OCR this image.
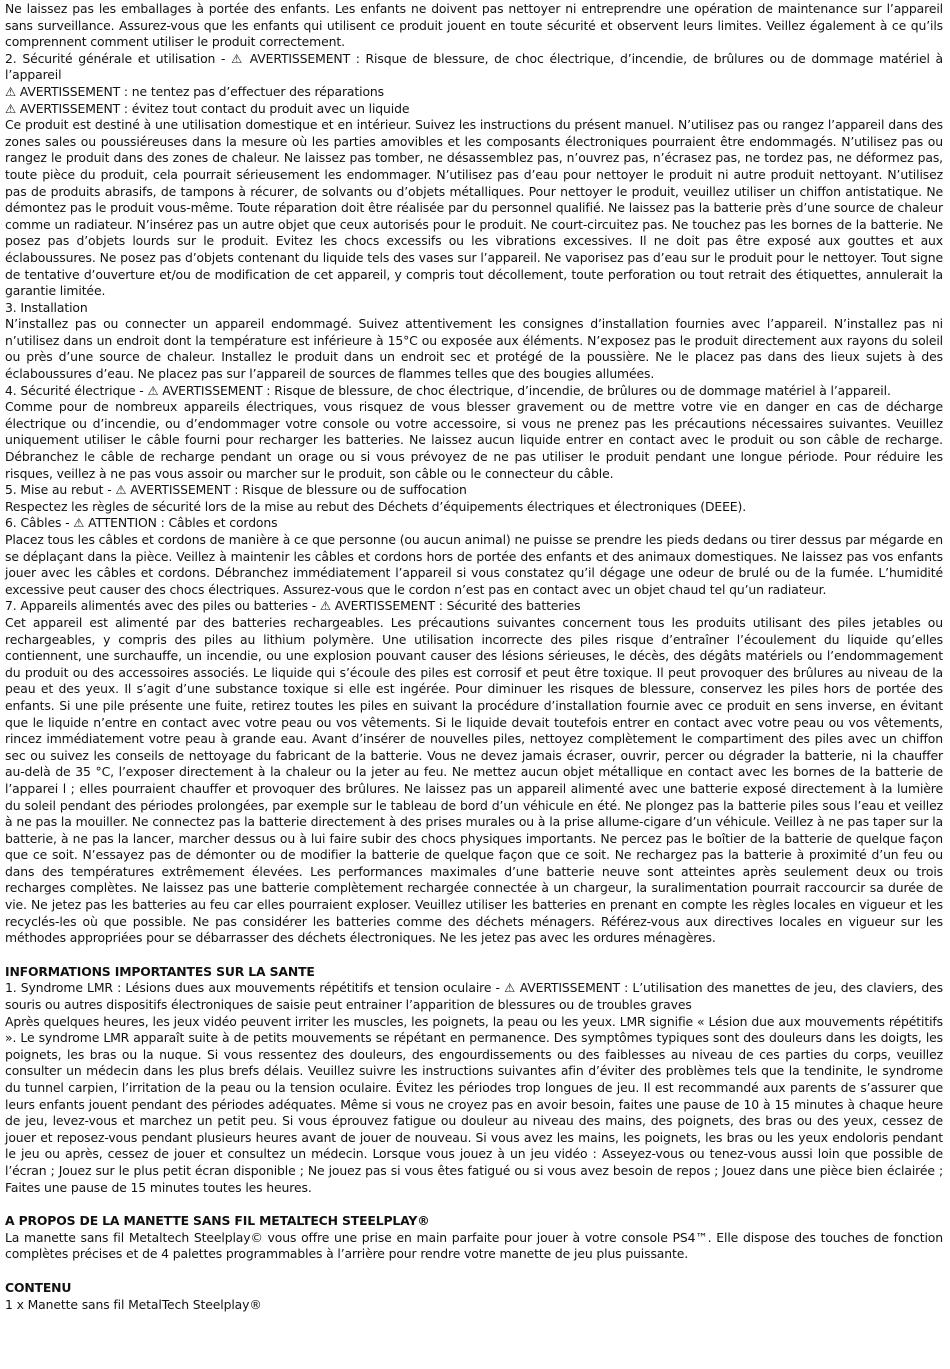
Ne laissez pas les emballages à portée des enfants. Les enfants ne doivent pas nettoyer ni entreprendre une opération de maintenance sur l’appareil sans surveillance. Assurez-vous que les enfants qui utilisent ce produit jouent en toute sécurité et observent leurs limites. Veillez également à ce qu’ils comprennent comment utiliser le produit correctement.

2. Sécurité générale et utilisation - ⚠ AVERTISSEMENT : Risque de blessure, de choc électrique, d’incendie, de brûlures ou de dommage matériel à l’appareil

⚠ AVERTISSEMENT : ne tentez pas d’effectuer des réparations

⚠ AVERTISSEMENT : évitez tout contact du produit avec un liquide

Ce produit est destiné à une utilisation domestique et en intérieur. Suivez les instructions du présent manuel. N’utilisez pas ou rangez l’appareil dans des zones sales ou poussiéreuses dans la mesure où les parties amovibles et les composants électroniques pourraient être endommagés. N’utilisez pas ou rangez le produit dans des zones de chaleur. Ne laissez pas tomber, ne désassemblez pas, n’ouvrez pas, n’écrasez pas, ne tordez pas, ne déformez pas, toute pièce du produit, cela pourrait sérieusement les endommager. N’utilisez pas d’eau pour nettoyer le produit ni autre produit nettoyant. N’utilisez pas de produits abrasifs, de tampons à récurer, de solvants ou d’objets métalliques. Pour nettoyer le produit, veuillez utiliser un chiffon antistatique. Ne démontez pas le produit vous-même. Toute réparation doit être réalisée par du personnel qualifié. Ne laissez pas la batterie près d’une source de chaleur comme un radiateur. N’insérez pas un autre objet que ceux autorisés pour le produit. Ne court-circuitez pas. Ne touchez pas les bornes de la batterie. Ne posez pas d’objets lourds sur le produit. Evitez les chocs excessifs ou les vibrations excessives. Il ne doit pas être exposé aux gouttes et aux éclaboussures. Ne posez pas d’objets contenant du liquide tels des vases sur l’appareil. Ne vaporisez pas d’eau sur le produit pour le nettoyer. Tout signe de tentative d’ouverture et/ou de modification de cet appareil, y compris tout décollement, toute perforation ou tout retrait des étiquettes, annulerait la garantie limitée.

3. Installation

N’installez pas ou connecter un appareil endommagé. Suivez attentivement les consignes d’installation fournies avec l’appareil. N’installez pas ni n’utilisez dans un endroit dont la température est inférieure à 15°C ou exposée aux éléments. N’exposez pas le produit directement aux rayons du soleil ou près d’une source de chaleur. Installez le produit dans un endroit sec et protégé de la poussière. Ne le placez pas dans des lieux sujets à des éclaboussures d’eau. Ne placez pas sur l’appareil de sources de flammes telles que des bougies allumées.

4. Sécurité électrique - ⚠ AVERTISSEMENT : Risque de blessure, de choc électrique, d’incendie, de brûlures ou de dommage matériel à l’appareil.

Comme pour de nombreux appareils électriques, vous risquez de vous blesser gravement ou de mettre votre vie en danger en cas de décharge électrique ou d’incendie, ou d’endommager votre console ou votre accessoire, si vous ne prenez pas les précautions nécessaires suivantes. Veuillez uniquement utiliser le câble fourni pour recharger les batteries. Ne laissez aucun liquide entrer en contact avec le produit ou son câble de recharge. Débranchez le câble de recharge pendant un orage ou si vous prévoyez de ne pas utiliser le produit pendant une longue période. Pour réduire les risques, veillez à ne pas vous assoir ou marcher sur le produit, son câble ou le connecteur du câble.

5. Mise au rebut - ⚠ AVERTISSEMENT : Risque de blessure ou de suffocation

Respectez les règles de sécurité lors de la mise au rebut des Déchets d’équipements électriques et électroniques (DEEE).

6. Câbles - ⚠ ATTENTION : Câbles et cordons

Placez tous les câbles et cordons de manière à ce que personne (ou aucun animal) ne puisse se prendre les pieds dedans ou tirer dessus par mégarde en se déplaçant dans la pièce. Veillez à maintenir les câbles et cordons hors de portée des enfants et des animaux domestiques. Ne laissez pas vos enfants jouer avec les câbles et cordons. Débranchez immédiatement l’appareil si vous constatez qu’il dégage une odeur de brulé ou de la fumée. L’humidité excessive peut causer des chocs électriques. Assurez-vous que le cordon n’est pas en contact avec un objet chaud tel qu’un radiateur.

7. Appareils alimentés avec des piles ou batteries - ⚠ AVERTISSEMENT : Sécurité des batteries

Cet appareil est alimenté par des batteries rechargeables. Les précautions suivantes concernent tous les produits utilisant des piles jetables ou rechargeables, y compris des piles au lithium polymère. Une utilisation incorrecte des piles risque d’entraîner l’écoulement du liquide qu’elles contiennent, une surchauffe, un incendie, ou une explosion pouvant causer des lésions sérieuses, le décès, des dégâts matériels ou l’endommagement du produit ou des accessoires associés. Le liquide qui s’écoule des piles est corrosif et peut être toxique. Il peut provoquer des brûlures au niveau de la peau et des yeux. Il s’agit d’une substance toxique si elle est ingérée. Pour diminuer les risques de blessure, conservez les piles hors de portée des enfants. Si une pile présente une fuite, retirez toutes les piles en suivant la procédure d’installation fournie avec ce produit en sens inverse, en évitant que le liquide n’entre en contact avec votre peau ou vos vêtements. Si le liquide devait toutefois entrer en contact avec votre peau ou vos vêtements, rincez immédiatement votre peau à grande eau. Avant d’insérer de nouvelles piles, nettoyez complètement le compartiment des piles avec un chiffon sec ou suivez les conseils de nettoyage du fabricant de la batterie. Vous ne devez jamais écraser, ouvrir, percer ou dégrader la batterie, ni la chauffer au-delà de 35 °C, l’exposer directement à la chaleur ou la jeter au feu. Ne mettez aucun objet métallique en contact avec les bornes de la batterie de l’apparei l ; elles pourraient chauffer et provoquer des brûlures. Ne laissez pas un appareil alimenté avec une batterie exposé directement à la lumière du soleil pendant des périodes prolongées, par exemple sur le tableau de bord d’un véhicule en été. Ne plongez pas la batterie piles sous l’eau et veillez à ne pas la mouiller. Ne connectez pas la batterie directement à des prises murales ou à la prise allume-cigare d’un véhicule. Veillez à ne pas taper sur la batterie, à ne pas la lancer, marcher dessus ou à lui faire subir des chocs physiques importants. Ne percez pas le boîtier de la batterie de quelque façon que ce soit. N’essayez pas de démonter ou de modifier la batterie de quelque façon que ce soit. Ne rechargez pas la batterie à proximité d’un feu ou dans des températures extrêmement élevées. Les performances maximales d’une batterie neuve sont atteintes après seulement deux ou trois recharges complètes. Ne laissez pas une batterie complètement rechargée connectée à un chargeur, la suralimentation pourrait raccourcir sa durée de vie. Ne jetez pas les batteries au feu car elles pourraient exploser. Veuillez utiliser les batteries en prenant en compte les règles locales en vigueur et les recyclés-les où que possible. Ne pas considérer les batteries comme des déchets ménagers. Référez-vous aux directives locales en vigueur sur les méthodes appropriées pour se débarrasser des déchets électroniques. Ne les jetez pas avec les ordures ménagères.

INFORMATIONS IMPORTANTES SUR LA SANTE

1. Syndrome LMR : Lésions dues aux mouvements répétitifs et tension oculaire - ⚠ AVERTISSEMENT : L’utilisation des manettes de jeu, des claviers, des souris ou autres dispositifs électroniques de saisie peut entrainer l’apparition de blessures ou de troubles graves

Après quelques heures, les jeux vidéo peuvent irriter les muscles, les poignets, la peau ou les yeux. LMR signifie « Lésion due aux mouvements répétitifs ». Le syndrome LMR apparaît suite à de petits mouvements se répétant en permanence. Des symptômes typiques sont des douleurs dans les doigts, les poignets, les bras ou la nuque. Si vous ressentez des douleurs, des engourdissements ou des faiblesses au niveau de ces parties du corps, veuillez consulter un médecin dans les plus brefs délais. Veuillez suivre les instructions suivantes afin d’éviter des problèmes tels que la tendinite, le syndrome du tunnel carpien, l’irritation de la peau ou la tension oculaire. Évitez les périodes trop longues de jeu. Il est recommandé aux parents de s’assurer que leurs enfants jouent pendant des périodes adéquates. Même si vous ne croyez pas en avoir besoin, faites une pause de 10 à 15 minutes à chaque heure de jeu, levez-vous et marchez un petit peu. Si vous éprouvez fatigue ou douleur au niveau des mains, des poignets, des bras ou des yeux, cessez de jouer et reposez-vous pendant plusieurs heures avant de jouer de nouveau. Si vous avez les mains, les poignets, les bras ou les yeux endoloris pendant le jeu ou après, cessez de jouer et consultez un médecin. Lorsque vous jouez à un jeu vidéo : Asseyez-vous ou tenez-vous aussi loin que possible de l’écran ; Jouez sur le plus petit écran disponible ; Ne jouez pas si vous êtes fatigué ou si vous avez besoin de repos ; Jouez dans une pièce bien éclairée ; Faites une pause de 15 minutes toutes les heures.

A PROPOS DE LA MANETTE SANS FIL METALTECH STEELPLAY®

La manette sans fil Metaltech Steelplay© vous offre une prise en main parfaite pour jouer à votre console PS4™. Elle dispose des touches de fonction complètes précises et de 4 palettes programmables à l’arrière pour rendre votre manette de jeu plus puissante.

CONTENU

1 x Manette sans fil MetalTech Steelplay®
